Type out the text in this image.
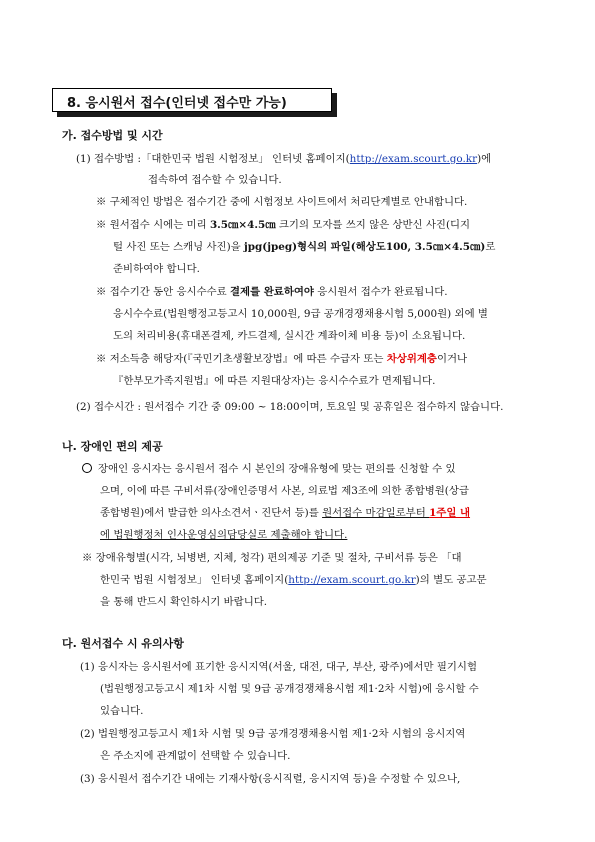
8. 응시원서 접수(인터넷 접수만 가능)
가. 접수방법 및 시간
(1) 접수방법 :「대한민국 법원 시험정보」 인터넷 홈페이지(http://exam.scourt.go.kr)에
접속하여 접수할 수 있습니다.
※ 구체적인 방법은 접수기간 중에 시험정보 사이트에서 처리단계별로 안내합니다.
※ 원서접수 시에는 미리 3.5㎝×4.5㎝ 크기의 모자를 쓰지 않은 상반신 사진(디지
털 사진 또는 스캐닝 사진)을 jpg(jpeg)형식의 파일(해상도100, 3.5㎝×4.5㎝)로
준비하여야 합니다.
※ 접수기간 동안 응시수수료 결제를 완료하여야 응시원서 접수가 완료됩니다.
응시수수료(법원행정고등고시 10,000원, 9급 공개경쟁채용시험 5,000원) 외에 별
도의 처리비용(휴대폰결제, 카드결제, 실시간 계좌이체 비용 등)이 소요됩니다.
※ 저소득층 해당자(『국민기초생활보장법』에 따른 수급자 또는 차상위계층이거나
『한부모가족지원법』에 따른 지원대상자)는 응시수수료가 면제됩니다.
(2) 접수시간 : 원서접수 기간 중 09:00 ~ 18:00이며, 토요일 및 공휴일은 접수하지 않습니다.
나. 장애인 편의 제공
장애인 응시자는 응시원서 접수 시 본인의 장애유형에 맞는 편의를 신청할 수 있
으며, 이에 따른 구비서류(장애인증명서 사본, 의료법 제3조에 의한 종합병원(상급
종합병원)에서 발급한 의사소견서ㆍ진단서 등)를 원서접수 마감일로부터 1주일 내
에 법원행정처 인사운영심의담당실로 제출해야 합니다.
※ 장애유형별(시각, 뇌병변, 지체, 청각) 편의제공 기준 및 절차, 구비서류 등은 「대
한민국 법원 시험정보」 인터넷 홈페이지(http://exam.scourt.go.kr)의 별도 공고문
을 통해 반드시 확인하시기 바랍니다.
다. 원서접수 시 유의사항
(1) 응시자는 응시원서에 표기한 응시지역(서울, 대전, 대구, 부산, 광주)에서만 필기시험
(법원행정고등고시 제1차 시험 및 9급 공개경쟁채용시험 제1·2차 시험)에 응시할 수
있습니다.
(2) 법원행정고등고시 제1차 시험 및 9급 공개경쟁채용시험 제1·2차 시험의 응시지역
은 주소지에 관계없이 선택할 수 있습니다.
(3) 응시원서 접수기간 내에는 기재사항(응시직렬, 응시지역 등)을 수정할 수 있으나,
